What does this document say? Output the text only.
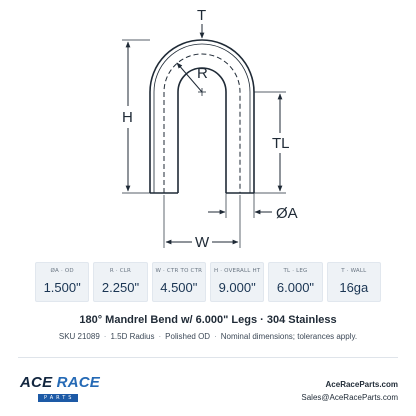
R
T
H
TL
ØA
W
ØA · OD
1.500"
R · CLR
2.250"
W · CTR TO CTR
4.500"
H · OVERALL HT
9.000"
TL · LEG
6.000"
T · WALL
16ga
180° Mandrel Bend w/ 6.000" Legs · 304 Stainless
SKU 21089 · 1.5D Radius · Polished OD · Nominal dimensions; tolerances apply.
ACE RACE
PARTS
AceRaceParts.com
Sales@AceRaceParts.com
